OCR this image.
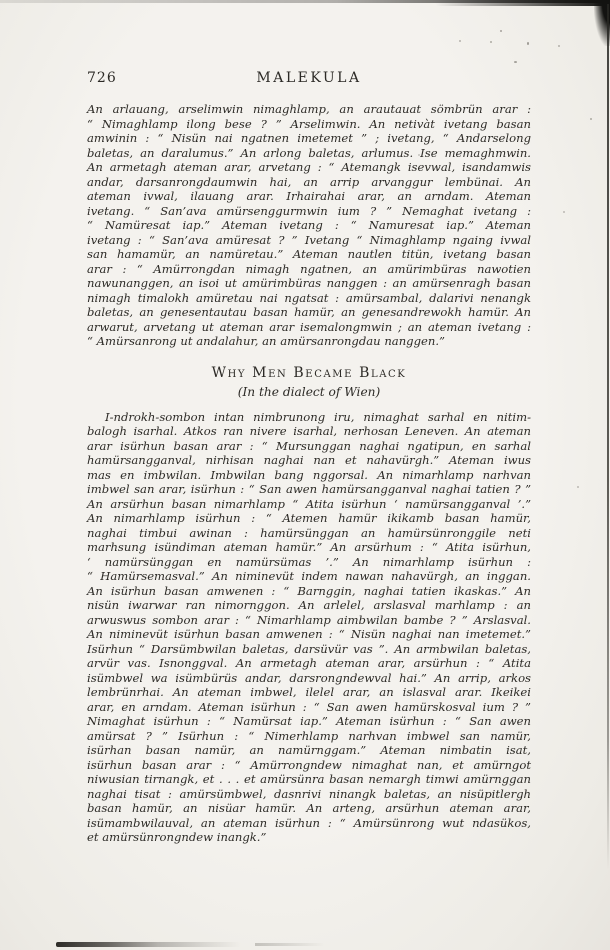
726	MALEKULA
An arlauang, arselimwin nimaghlamp, an arautauat sömbrün arar :
“ Nimaghlamp ilong bese ? ” Arselimwin. An netivàt ivetang basan
amwinin : “ Nisün nai ngatnen imetemet ” ; ivetang, “ Andarselong
baletas, an daralumus.” An arlong baletas, arlumus. Ise memaghmwin.
An armetagh ateman arar, arvetang : “ Atemangk isevwal, isandamwis
andar, darsanrongdaumwin hai, an arrip arvanggur lembünai. An
ateman ivwal, ilauang arar. Irhairahai arar, an arndam. Ateman
ivetang. “ San’ava amürsenggurmwin ium ? ” Nemaghat ivetang :
“ Namüresat iap.” Ateman ivetang : “ Namuresat iap.” Ateman
ivetang : “ San’ava amüresat ? ” Ivetang “ Nimaghlamp ngaing ivwal
san hamamür, an namüretau.” Ateman nautlen titün, ivetang basan
arar : “ Amürrongdan nimagh ngatnen, an amürimbüras nawotien
nawunanggen, an isoi ut amürimbüras nanggen : an amürsenragh basan
nimagh timalokh amüretau nai ngatsat : amürsambal, dalarivi nenangk
baletas, an genesentautau basan hamür, an genesandrewokh hamür. An
arwarut, arvetang ut ateman arar isemalongmwin ; an ateman ivetang :
“ Amürsanrong ut andalahur, an amürsanrongdau nanggen.”
Why Men Became Black
(In the dialect of Wien)
I-ndrokh-sombon intan nimbrunong iru, nimaghat sarhal en nitim-
balogh isarhal. Atkos ran nivere isarhal, nerhosan Leneven. An ateman
arar isürhun basan arar : “ Mursunggan naghai ngatipun, en sarhal
hamürsangganval, nirhisan naghai nan et nahavürgh.” Ateman iwus
mas en imbwilan. Imbwilan bang nggorsal. An nimarhlamp narhvan
imbwel san arar, isürhun : “ San awen hamürsangganval naghai tatien ? ”
An arsürhun basan nimarhlamp “ Atita isürhun ‘ namürsangganval ’.”
An nimarhlamp isürhun : “ Atemen hamür ikikamb basan hamür,
naghai timbui awinan : hamürsünggan an hamürsünronggile neti
marhsung isündiman ateman hamür.” An arsürhum : “ Atita isürhun,
‘ namürsünggan en namürsümas ’.” An nimarhlamp isürhun :
“ Hamürsemasval.” An niminevüt indem nawan nahavürgh, an inggan.
An isürhun basan amwenen : “ Barnggin, naghai tatien ikaskas.” An
nisün iwarwar ran nimornggon. An arlelel, arslasval marhlamp : an
arwuswus sombon arar : “ Nimarhlamp aimbwilan bambe ? ” Arslasval.
An niminevüt isürhun basan amwenen : “ Nisün naghai nan imetemet.”
Isürhun “ Darsümbwilan baletas, darsüvür vas ”. An armbwilan baletas,
arvür vas. Isnonggval. An armetagh ateman arar, arsürhun : “ Atita
isümbwel wa isümbürüs andar, darsrongndewval hai.” An arrip, arkos
lembrünrhai. An ateman imbwel, ilelel arar, an islasval arar. Ikeikei
arar, en arndam. Ateman isürhun : “ San awen hamürskosval ium ? ”
Nimaghat isürhun : “ Namürsat iap.” Ateman isürhun : “ San awen
amürsat ? ” Isürhun : “ Nimerhlamp narhvan imbwel san namür,
isürhan basan namür, an namürnggam.” Ateman nimbatin isat,
isürhun basan arar : “ Amürrongndew nimaghat nan, et amürngot
niwusian tirnangk, et . . . et amürsünra basan nemargh timwi amürnggan
naghai tisat : amürsümbwel, dasnrivi ninangk baletas, an nisüpitlergh
basan hamür, an nisüar hamür. An arteng, arsürhun ateman arar,
isümambwilauval, an ateman isürhun : “ Amürsünrong wut ndasükos,
et amürsünrongndew inangk.”
